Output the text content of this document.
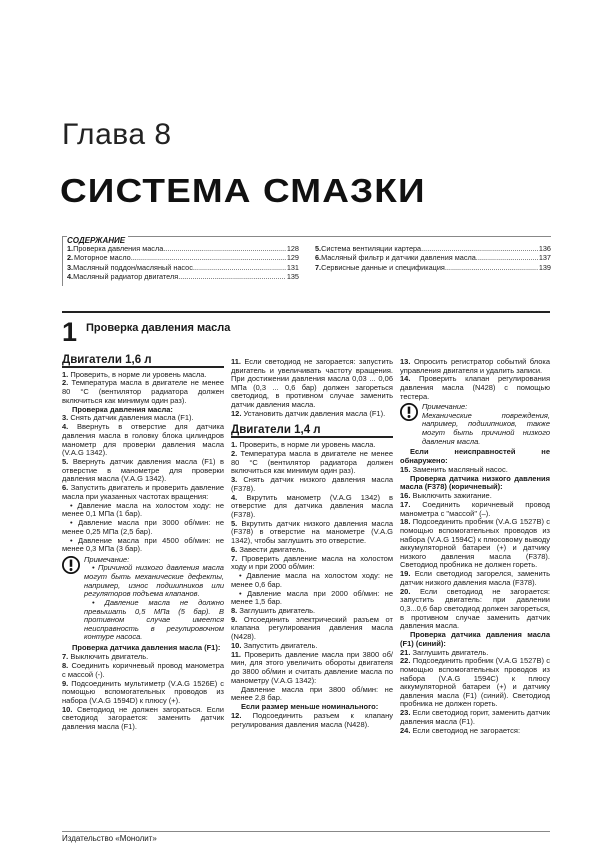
Глава 8
СИСТЕМА СМАЗКИ
СОДЕРЖАНИЕ
1. Проверка давления масла .....	128
2. Моторное масло .....	129
3. Масляный поддон/масляный насос .....	131
4. Масляный радиатор двигателя .....	135
5. Система вентиляции картера .....	136
6. Масляный фильтр и датчики давления масла .....	137
7. Сервисные данные и спецификация .....	139
1 Проверка давления масла

Двигатели 1,6 л

1. Проверить, в норме ли уровень масла.

2. Температура масла в двигателе не менее 80 °С (вентилятор радиатора должен включиться как минимум один раз).

Проверка давления масла:

3. Снять датчик давления масла (F1).

4. Ввернуть в отверстие для датчика давления масла в головку блока цилиндров манометр для проверки давления масла (V.A.G 1342).

5. Ввернуть датчик давления масла (F1) в отверстие в манометре для проверки давления масла (V.A.G 1342).

6. Запустить двигатель и проверить давление масла при указанных частотах вращения:

• Давление масла на холостом ходу: не менее 0,1 МПа (1 бар).

• Давление масла при 3000 об/мин: не менее 0,25 МПа (2,5 бар).

• Давление масла при 4500 об/мин: не менее 0,3 МПа (3 бар).

Примечание:

• Причиной низкого давления масла могут быть механические дефекты, например, износ подшипников или регуляторов подъема клапанов.

• Давление масла не должно превышать 0,5 МПа (5 бар). В противном случае имеется неисправность в регулировочном контуре насоса.

Проверка датчика давления масла (F1):

7. Выключить двигатель.

8. Соединить коричневый провод манометра с массой (-).

9. Подсоединить мультиметр (V.A.G 1526E) с помощью вспомогательных проводов из набора (V.A.G 1594D) к плюсу (+).

10. Светодиод не должен загораться. Если светодиод загорается: заменить датчик давления масла (F1).

11. Если светодиод не загорается: запустить двигатель и увеличивать частоту вращения. При достижении давления масла 0,03 ... 0,06 МПа (0,3 ... 0,6 бар) должен загореться светодиод, в противном случае заменить датчик давления масла.

12. Установить датчик давления масла (F1).

Двигатели 1,4 л

1. Проверить, в норме ли уровень масла.

2. Температура масла в двигателе не менее 80 °С (вентилятор радиатора должен включиться как минимум один раз).

3. Снять датчик низкого давления масла (F378).

4. Вкрутить манометр (V.A.G 1342) в отверстие для датчика давления масла (F378).

5. Вкрутить датчик низкого давления масла (F378) в отверстие на манометре (V.A.G 1342), чтобы заглушить это отверстие.

6. Завести двигатель.

7. Проверить давление масла на холостом ходу и при 2000 об/мин:

• Давление масла на холостом ходу: не менее 0,6 бар.

• Давление масла при 2000 об/мин: не менее 1,5 бар.

8. Заглушить двигатель.

9. Отсоединить электрический разъем от клапана регулирования давления масла (N428).

10. Запустить двигатель.

11. Проверить давление масла при 3800 об/мин, для этого увеличить обороты двигателя до 3800 об/мин и считать давление масла по манометру (V.A.G 1342):

Давление масла при 3800 об/мин: не менее 2,8 бар.

Если размер меньше номинального:

12. Подсоединить разъем к клапану регулирования давления масла (N428).

13. Опросить регистратор событий блока управления двигателя и удалить записи.

14. Проверить клапан регулирования давления масла (N428) с помощью тестера.

Примечание:
Механические повреждения, например, подшипников, также могут быть причиной низкого давления масла.

Если неисправностей не обнаружено:

15. Заменить масляный насос.

Проверка датчика низкого давления масла (F378) (коричневый):

16. Выключить зажигание.

17. Соединить коричневый провод манометра с "массой" (–).

18. Подсоединить пробник (V.A.G 1527B) с помощью вспомогательных проводов из набора (V.A.G 1594C) к плюсовому выводу аккумуляторной батареи (+) и датчику низкого давления масла (F378). Светодиод пробника не должен гореть.

19. Если светодиод загорелся, заменить датчик низкого давления масла (F378).

20. Если светодиод не загорается: запустить двигатель: при давлении 0,3...0,6 бар светодиод должен загореться, в противном случае заменить датчик давления масла.

Проверка датчика давления масла (F1) (синий):

21. Заглушить двигатель.

22. Подсоединить пробник (V.A.G 1527B) с помощью вспомогательных проводов из набора (V.A.G 1594C) к плюсу аккумуляторной батареи (+) и датчику давления масла (F1) (синий). Светодиод пробника не должен гореть.

23. Если светодиод горит, заменить датчик давления масла (F1).

24. Если светодиод не загорается:

Издательство «Монолит»
